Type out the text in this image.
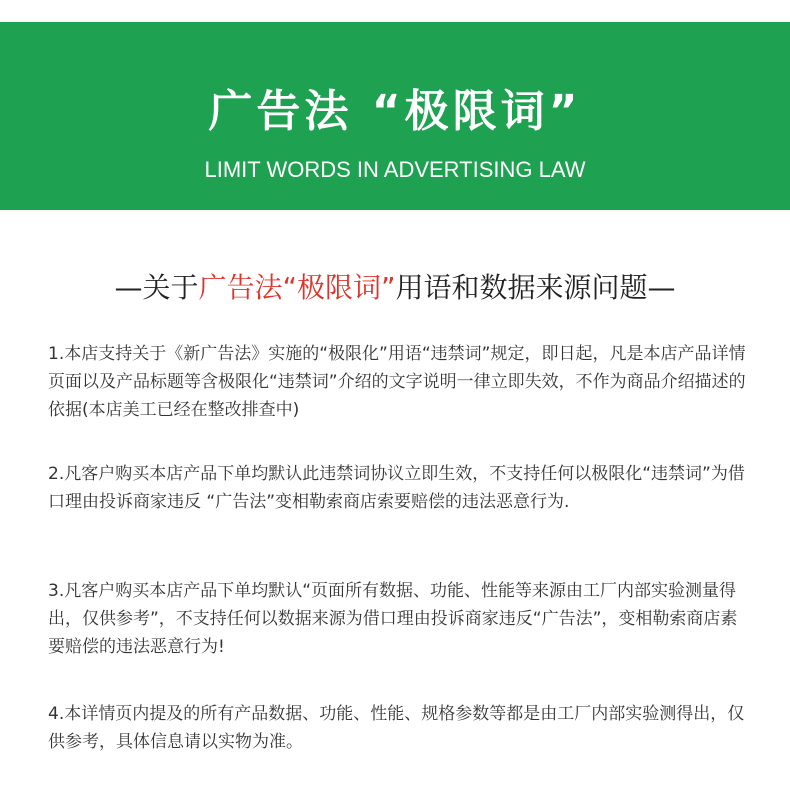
广告法 “极限词”
LIMIT WORDS IN ADVERTISING LAW
—关于广告法“极限词”用语和数据来源问题—
1.本店支持关于《新广告法》实施的“极限化”用语“违禁词”规定，即日起，凡是本店产品详情页面以及产品标题等含极限化“违禁词”介绍的文字说明一律立即失效，不作为商品介绍描述的依据(本店美工已经在整改排查中)
2.凡客户购买本店产品下单均默认此违禁词协议立即生效，不支持任何以极限化“违禁词”为借口理由投诉商家违反 “广告法”变相勒索商店索要赔偿的违法恶意行为.
3.凡客户购买本店产品下单均默认“页面所有数据、功能、性能等来源由工厂内部实验测量得出，仅供参考”，不支持任何以数据来源为借口理由投诉商家违反“广告法”，变相勒索商店素要赔偿的违法恶意行为!
4.本详情页内提及的所有产品数据、功能、性能、规格参数等都是由工厂内部实验测得出，仅供参考，具体信息请以实物为准。
